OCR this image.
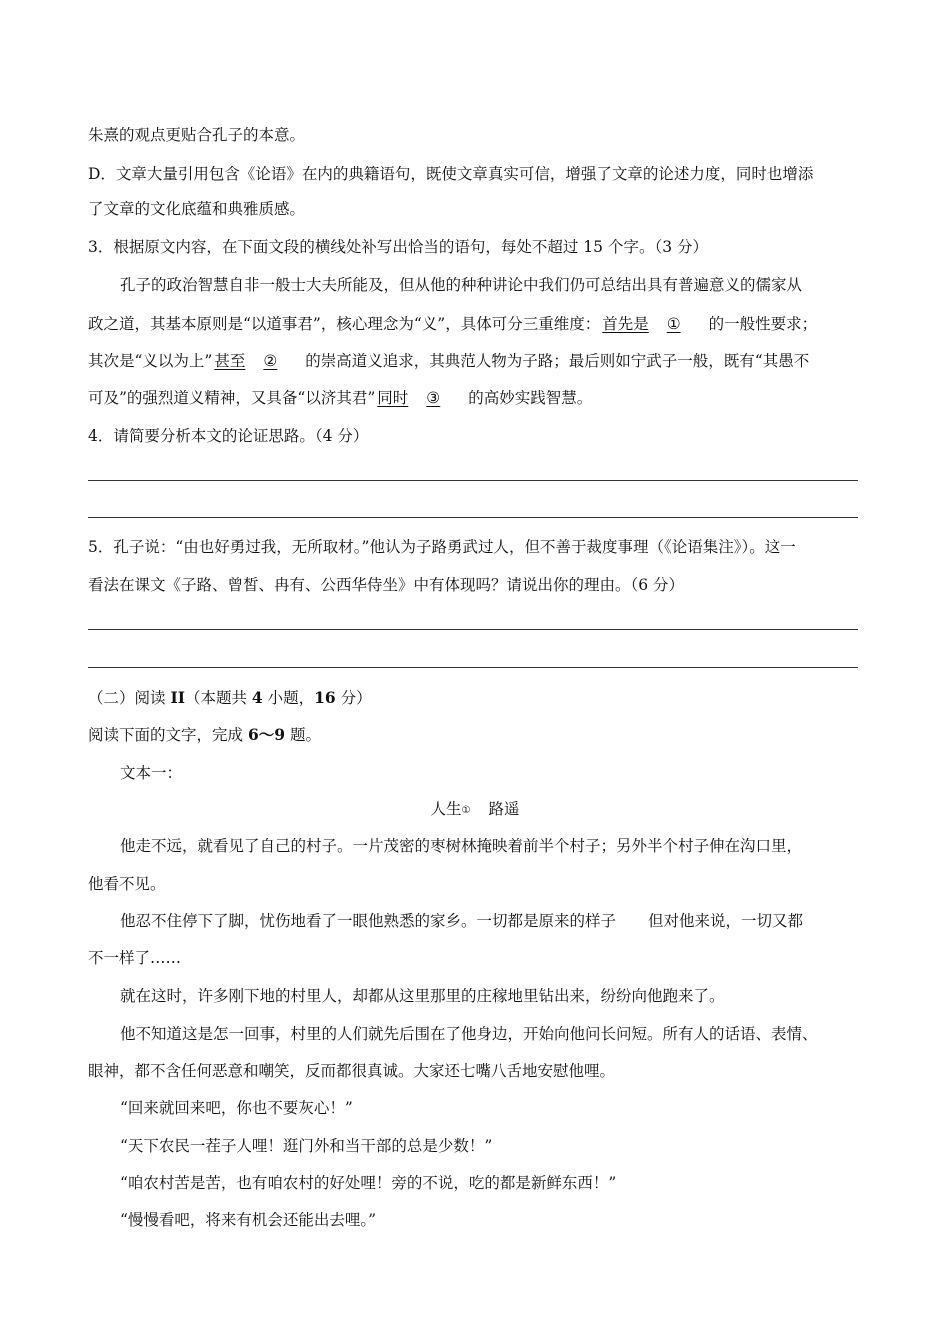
朱熹的观点更贴合孔子的本意。
D．文章大量引用包含《论语》在内的典籍语句，既使文章真实可信，增强了文章的论述力度，同时也增添
了文章的文化底蕴和典雅质感。
3．根据原文内容，在下面文段的横线处补写出恰当的语句，每处不超过 15 个字。（3 分）
孔子的政治智慧自非一般士大夫所能及，但从他的种种讲论中我们仍可总结出具有普遍意义的儒家从
政之道，其基本原则是“以道事君”，核心理念为“义”，具体可分三重维度： 首先是 ① 的一般性要求；
其次是“义以为上” 甚至 ② 的崇高道义追求，其典范人物为子路；最后则如宁武子一般，既有“其愚不
可及”的强烈道义精神，又具备“以济其君” 同时 ③ 的高妙实践智慧。
4．请简要分析本文的论证思路。（4 分）
5．孔子说：“由也好勇过我，无所取材。”他认为子路勇武过人，但不善于裁度事理（《论语集注》）。这一
看法在课文《子路、曾皙、冉有、公西华侍坐》中有体现吗？请说出你的理由。（6 分）
（二）阅读 II（本题共 4 小题，16 分）
阅读下面的文字，完成 6～9 题。
文本一：
人生① 路遥
他走不远，就看见了自己的村子。一片茂密的枣树林掩映着前半个村子；另外半个村子伸在沟口里，
他看不见。
他忍不住停下了脚，忧伤地看了一眼他熟悉的家乡。一切都是原来的样子 但对他来说，一切又都
不一样了……
就在这时，许多刚下地的村里人，却都从这里那里的庄稼地里钻出来，纷纷向他跑来了。
他不知道这是怎一回事，村里的人们就先后围在了他身边，开始向他问长问短。所有人的话语、表情、
眼神，都不含任何恶意和嘲笑，反而都很真诚。大家还七嘴八舌地安慰他哩。
“回来就回来吧，你也不要灰心！”
“天下农民一茬子人哩！逛门外和当干部的总是少数！”
“咱农村苦是苦，也有咱农村的好处哩！旁的不说，吃的都是新鲜东西！”
“慢慢看吧，将来有机会还能出去哩。”
